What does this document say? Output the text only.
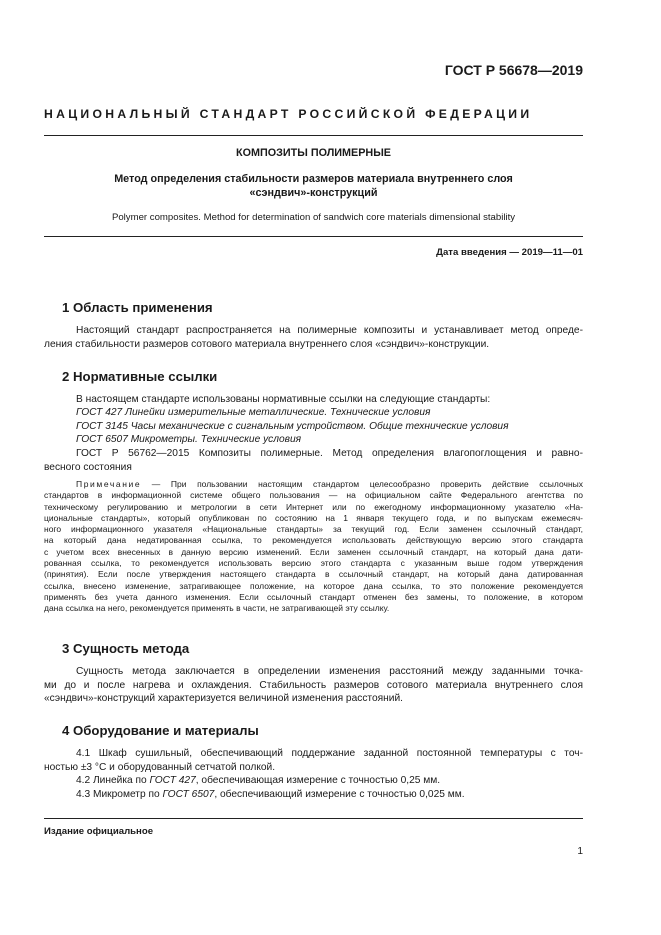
ГОСТ Р 56678—2019
НАЦИОНАЛЬНЫЙ СТАНДАРТ РОССИЙСКОЙ ФЕДЕРАЦИИ
КОМПОЗИТЫ ПОЛИМЕРНЫЕ
Метод определения стабильности размеров материала внутреннего слоя
«сэндвич»-конструкций
Polymer composites. Method for determination of sandwich core materials dimensional stability
Дата введения — 2019—11—01
1 Область применения
Настоящий стандарт распространяется на полимерные композиты и устанавливает метод опреде-
ления стабильности размеров сотового материала внутреннего слоя «сэндвич»-конструкции.
2 Нормативные ссылки
В настоящем стандарте использованы нормативные ссылки на следующие стандарты:
ГОСТ 427 Линейки измерительные металлические. Технические условия
ГОСТ 3145 Часы механические с сигнальным устройством. Общие технические условия
ГОСТ 6507 Микрометры. Технические условия
ГОСТ Р 56762—2015 Композиты полимерные. Метод определения влагопоглощения и равно-
весного состояния
Примечание — При пользовании настоящим стандартом целесообразно проверить действие ссылочных
стандартов в информационной системе общего пользования — на официальном сайте Федерального агентства по
техническому регулированию и метрологии в сети Интернет или по ежегодному информационному указателю «На-
циональные стандарты», который опубликован по состоянию на 1 января текущего года, и по выпускам ежемесяч-
ного информационного указателя «Национальные стандарты» за текущий год. Если заменен ссылочный стандарт,
на который дана недатированная ссылка, то рекомендуется использовать действующую версию этого стандарта
с учетом всех внесенных в данную версию изменений. Если заменен ссылочный стандарт, на который дана дати-
рованная ссылка, то рекомендуется использовать версию этого стандарта с указанным выше годом утверждения
(принятия). Если после утверждения настоящего стандарта в ссылочный стандарт, на который дана датированная
ссылка, внесено изменение, затрагивающее положение, на которое дана ссылка, то это положение рекомендуется
применять без учета данного изменения. Если ссылочный стандарт отменен без замены, то положение, в котором
дана ссылка на него, рекомендуется применять в части, не затрагивающей эту ссылку.
3 Сущность метода
Сущность метода заключается в определении изменения расстояний между заданными точка-
ми до и после нагрева и охлаждения. Стабильность размеров сотового материала внутреннего слоя
«сэндвич»-конструкций характеризуется величиной изменения расстояний.
4 Оборудование и материалы
4.1 Шкаф сушильный, обеспечивающий поддержание заданной постоянной температуры с точ-
ностью ±3 °С и оборудованный сетчатой полкой.
4.2 Линейка по ГОСТ 427, обеспечивающая измерение с точностью 0,25 мм.
4.3 Микрометр по ГОСТ 6507, обеспечивающий измерение с точностью 0,025 мм.
Издание официальное
1
